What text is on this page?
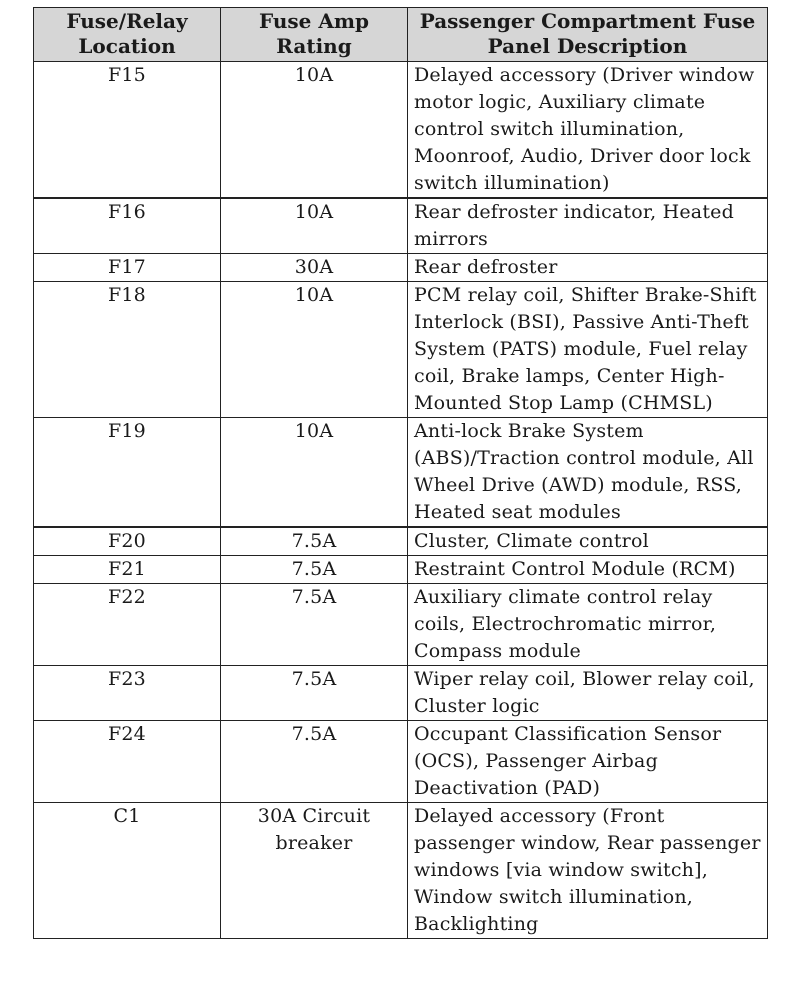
Fuse/Relay Location	Fuse Amp Rating	Passenger Compartment Fuse Panel Description
F15	10A	Delayed accessory (Driver window motor logic, Auxiliary climate control switch illumination, Moonroof, Audio, Driver door lock switch illumination)
F16	10A	Rear defroster indicator, Heated mirrors
F17	30A	Rear defroster
F18	10A	PCM relay coil, Shifter Brake-Shift Interlock (BSI), Passive Anti-Theft System (PATS) module, Fuel relay coil, Brake lamps, Center High-Mounted Stop Lamp (CHMSL)
F19	10A	Anti-lock Brake System (ABS)/Traction control module, All Wheel Drive (AWD) module, RSS, Heated seat modules
F20	7.5A	Cluster, Climate control
F21	7.5A	Restraint Control Module (RCM)
F22	7.5A	Auxiliary climate control relay coils, Electrochromatic mirror, Compass module
F23	7.5A	Wiper relay coil, Blower relay coil, Cluster logic
F24	7.5A	Occupant Classification Sensor (OCS), Passenger Airbag Deactivation (PAD)
C1	30A Circuit breaker	Delayed accessory (Front passenger window, Rear passenger windows [via window switch], Window switch illumination, Backlighting
